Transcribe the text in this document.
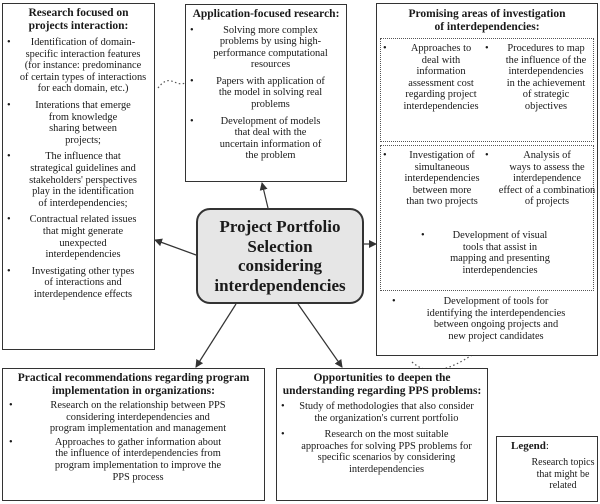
Research focused on
projects interaction:
•	Identification of domain-
specific interaction features
(for instance: predominance
of certain types of interactions
for each domain, etc.)
•	Interations that emerge
from knowledge
sharing between
projects;
•	The influence that
strategical guidelines and
stakeholders' perspectives
play in the identification
of interdependencies;
•	Contractual related issues
that might generate
unexpected
interdependencies
•	Investigating other types
of interactions and
interdependence effects
Application-focused research:
•	Solving more complex
problems by using high-
performance computational
resources
•	Papers with application of
the model in solving real
problems
•	Development of models
that deal with the
uncertain information of
the problem
Promising areas of investigation
of interdependencies:
•	Approaches to
deal with
information
assessment cost
regarding project
interdependencies
•	Procedures to map
the influence of the
interdependencies
in the achievement
of strategic
objectives
•	Investigation of
simultaneous
interdependencies
between more
than two projects
•	Analysis of
ways to assess the
interdependence
effect of a combination
of projects
•	Development of visual
tools that assist in
mapping and presenting
interdependencies
•	Development of tools for
identifying the interdependencies
between ongoing projects and
new project candidates
Project Portfolio
Selection
considering
interdependencies
Practical recommendations regarding program
implementation in organizations:
•	Research on the relationship between PPS
considering interdependencies and
program implementation and management
•	Approaches to gather information about
the influence of interdependencies from
program implementation to improve the
PPS process
Opportunities to deepen the
understanding regarding PPS problems:
•	Study of methodologies that also consider
the organization's current portfolio
•	Research on the most suitable
approaches for solving PPS problems for
specific scenarios by considering
interdependencies
Legend:
Research topics
that might be
related
